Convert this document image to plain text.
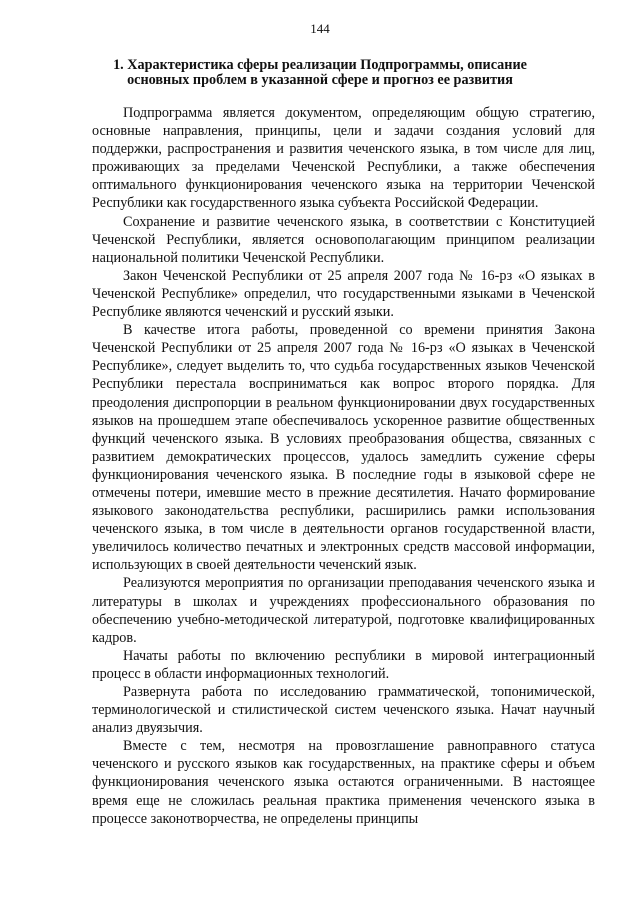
144
1. Характеристика сферы реализации Подпрограммы, описание
основных проблем в указанной сфере и прогноз ее развития

Подпрограмма является документом, определяющим общую стратегию, основные направления, принципы, цели и задачи создания условий для поддержки, распространения и развития чеченского языка, в том числе для лиц, проживающих за пределами Чеченской Республики, а также обеспечения оптимального функционирования чеченского языка на территории Чеченской Республики как государственного языка субъекта Российской Федерации.

Сохранение и развитие чеченского языка, в соответствии с Конституцией Чеченской Республики, является основополагающим принципом реализации национальной политики Чеченской Республики.

Закон Чеченской Республики от 25 апреля 2007 года № 16-рз «О языках в Чеченской Республике» определил, что государственными языками в Чеченской Республике являются чеченский и русский языки.

В качестве итога работы, проведенной со времени принятия Закона Чеченской Республики от 25 апреля 2007 года № 16-рз «О языках в Чеченской Республике», следует выделить то, что судьба государственных языков Чеченской Республики перестала восприниматься как вопрос второго порядка. Для преодоления диспропорции в реальном функционировании двух государственных языков на прошедшем этапе обеспечивалось ускоренное развитие общественных функций чеченского языка. В условиях преобразования общества, связанных с развитием демократических процессов, удалось замедлить сужение сферы функционирования чеченского языка. В последние годы в языковой сфере не отмечены потери, имевшие место в прежние десятилетия. Начато формирование языкового законодательства республики, расширились рамки использования чеченского языка, в том числе в деятельности органов государственной власти, увеличилось количество печатных и электронных средств массовой информации, использующих в своей деятельности чеченский язык.

Реализуются мероприятия по организации преподавания чеченского языка и литературы в школах и учреждениях профессионального образования по обеспечению учебно-методической литературой, подготовке квалифицированных кадров.

Начаты работы по включению республики в мировой интеграционный процесс в области информационных технологий.

Развернута работа по исследованию грамматической, топонимической, терминологической и стилистической систем чеченского языка. Начат научный анализ двуязычия.

Вместе с тем, несмотря на провозглашение равноправного статуса чеченского и русского языков как государственных, на практике сферы и объем функционирования чеченского языка остаются ограниченными. В настоящее время еще не сложилась реальная практика применения чеченского языка в процессе законотворчества, не определены принципы
